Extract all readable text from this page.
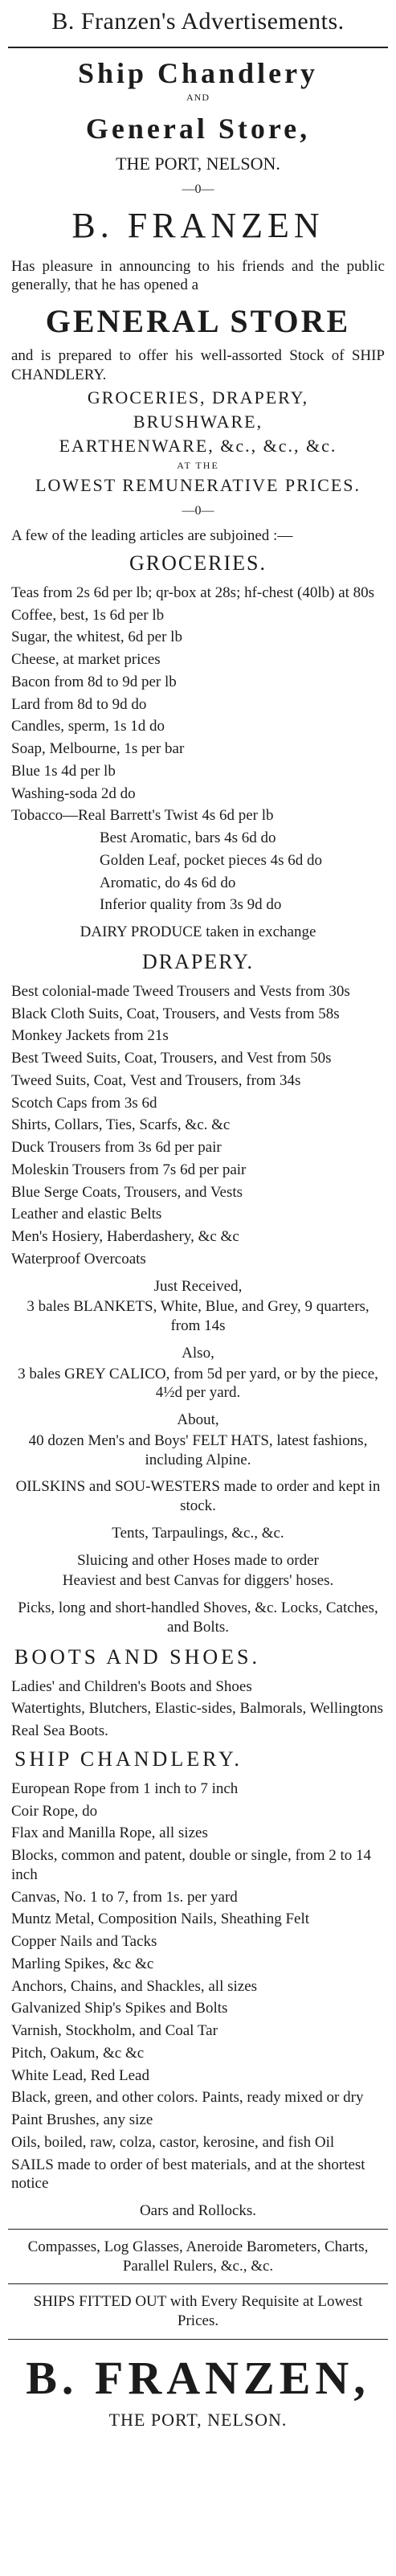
B. Franzen's Advertisements.
Ship Chandlery
AND
General Store,
THE PORT, NELSON.
—0—
B. FRANZEN

Has pleasure in announcing to his friends and the public generally, that he has opened a

GENERAL STORE

and is prepared to offer his well-assorted Stock of SHIP CHANDLERY.

GROCERIES, DRAPERY,
BRUSHWARE,
EARTHENWARE, &c., &c., &c.
AT THE
LOWEST REMUNERATIVE PRICES.
—0—

A few of the leading articles are subjoined :—

GROCERIES.
Teas from 2s 6d per lb; qr-box at 28s; hf-chest (40lb) at 80s
Coffee, best, 1s 6d per lb
Sugar, the whitest, 6d per lb
Cheese, at market prices
Bacon from 8d to 9d per lb
Lard from 8d to 9d do
Candles, sperm, 1s 1d do
Soap, Melbourne, 1s per bar
Blue 1s 4d per lb
Washing-soda 2d do
Tobacco—Real Barrett's Twist 4s 6d per lb
Best Aromatic, bars 4s 6d do
Golden Leaf, pocket pieces 4s 6d do
Aromatic, do 4s 6d do
Inferior quality from 3s 9d do
DAIRY PRODUCE taken in exchange
DRAPERY.
Best colonial-made Tweed Trousers and Vests from 30s
Black Cloth Suits, Coat, Trousers, and Vests from 58s
Monkey Jackets from 21s
Best Tweed Suits, Coat, Trousers, and Vest from 50s
Tweed Suits, Coat, Vest and Trousers, from 34s
Scotch Caps from 3s 6d
Shirts, Collars, Ties, Scarfs, &c. &c
Duck Trousers from 3s 6d per pair
Moleskin Trousers from 7s 6d per pair
Blue Serge Coats, Trousers, and Vests
Leather and elastic Belts
Men's Hosiery, Haberdashery, &c &c
Waterproof Overcoats
Just Received,
3 bales BLANKETS, White, Blue, and Grey, 9 quarters, from 14s
Also,
3 bales GREY CALICO, from 5d per yard, or by the piece, 4½d per yard.
About,
40 dozen Men's and Boys' FELT HATS, latest fashions, including Alpine.
OILSKINS and SOU-WESTERS made to order and kept in stock.
Tents, Tarpaulings, &c., &c.
Sluicing and other Hoses made to order
Heaviest and best Canvas for diggers' hoses.
Picks, long and short-handled Shoves, &c. Locks, Catches, and Bolts.
BOOTS AND SHOES.
Ladies' and Children's Boots and Shoes
Watertights, Blutchers, Elastic-sides, Balmorals, Wellingtons
Real Sea Boots.
SHIP CHANDLERY.
European Rope from 1 inch to 7 inch
Coir Rope, do
Flax and Manilla Rope, all sizes
Blocks, common and patent, double or single, from 2 to 14 inch
Canvas, No. 1 to 7, from 1s. per yard
Muntz Metal, Composition Nails, Sheathing Felt
Copper Nails and Tacks
Marling Spikes, &c &c
Anchors, Chains, and Shackles, all sizes
Galvanized Ship's Spikes and Bolts
Varnish, Stockholm, and Coal Tar
Pitch, Oakum, &c &c
White Lead, Red Lead
Black, green, and other colors. Paints, ready mixed or dry
Paint Brushes, any size
Oils, boiled, raw, colza, castor, kerosine, and fish Oil
SAILS made to order of best materials, and at the shortest notice
Oars and Rollocks.
Compasses, Log Glasses, Aneroide Barometers, Charts, Parallel Rulers, &c., &c.
SHIPS FITTED OUT with Every Requisite at Lowest Prices.
B. FRANZEN,
THE PORT, NELSON.
